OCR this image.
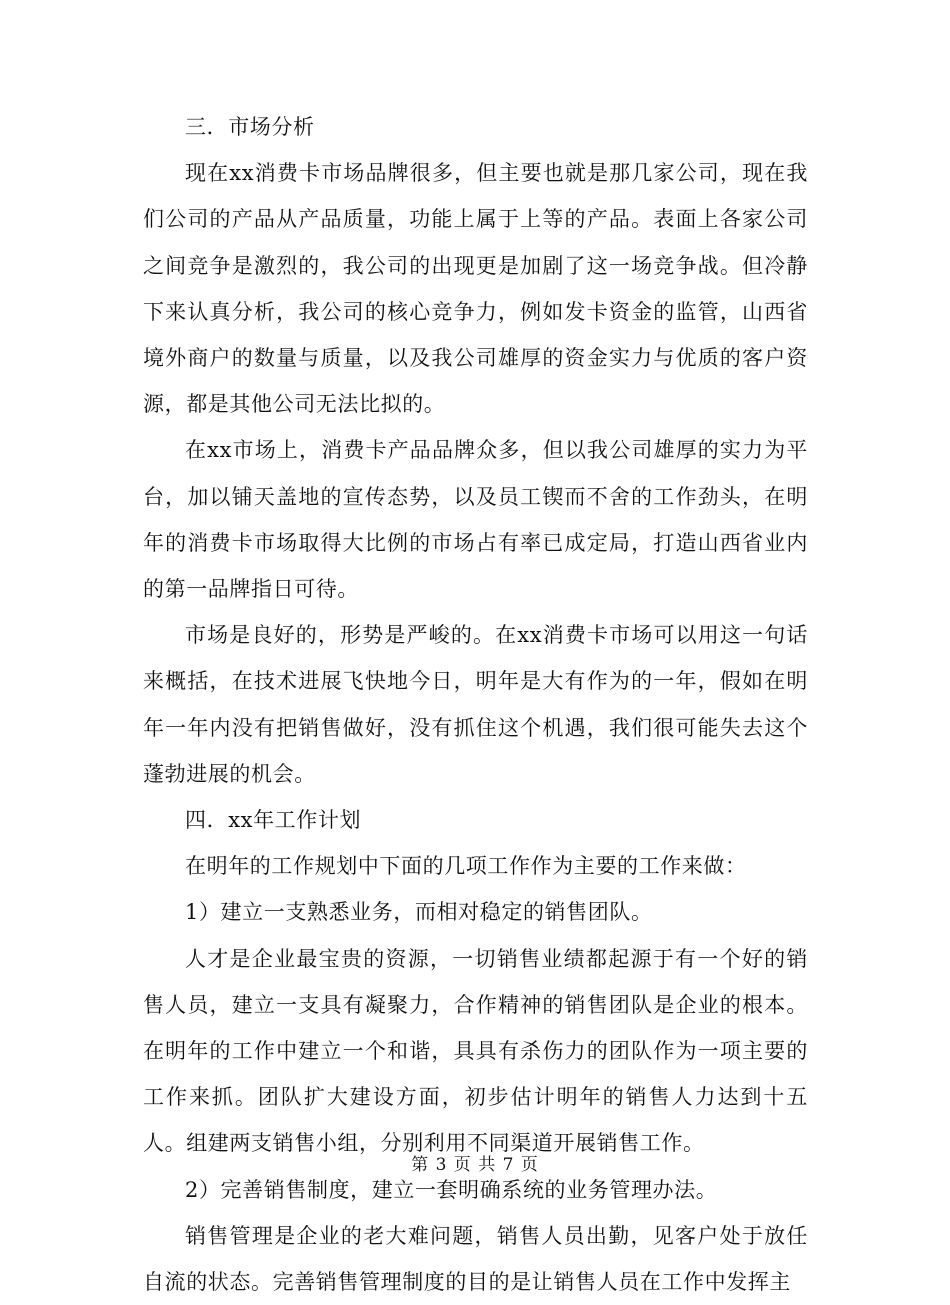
三．市场分析

现在xx消费卡市场品牌很多，但主要也就是那几家公司，现在我们公司的产品从产品质量，功能上属于上等的产品。表面上各家公司之间竞争是激烈的，我公司的出现更是加剧了这一场竞争战。但冷静下来认真分析，我公司的核心竞争力，例如发卡资金的监管，山西省境外商户的数量与质量，以及我公司雄厚的资金实力与优质的客户资源，都是其他公司无法比拟的。

在xx市场上，消费卡产品品牌众多，但以我公司雄厚的实力为平台，加以铺天盖地的宣传态势，以及员工锲而不舍的工作劲头，在明年的消费卡市场取得大比例的市场占有率已成定局，打造山西省业内的第一品牌指日可待。

市场是良好的，形势是严峻的。在xx消费卡市场可以用这一句话来概括，在技术进展飞快地今日，明年是大有作为的一年，假如在明年一年内没有把销售做好，没有抓住这个机遇，我们很可能失去这个蓬勃进展的机会。

四．xx年工作计划

在明年的工作规划中下面的几项工作作为主要的工作来做：

1）建立一支熟悉业务，而相对稳定的销售团队。

人才是企业最宝贵的资源，一切销售业绩都起源于有一个好的销售人员，建立一支具有凝聚力，合作精神的销售团队是企业的根本。在明年的工作中建立一个和谐，具具有杀伤力的团队作为一项主要的工作来抓。团队扩大建设方面，初步估计明年的销售人力达到十五人。组建两支销售小组，分别利用不同渠道开展销售工作。

2）完善销售制度，建立一套明确系统的业务管理办法。

销售管理是企业的老大难问题，销售人员出勤，见客户处于放任自流的状态。完善销售管理制度的目的是让销售人员在工作中发挥主

第 3 页 共 7 页
